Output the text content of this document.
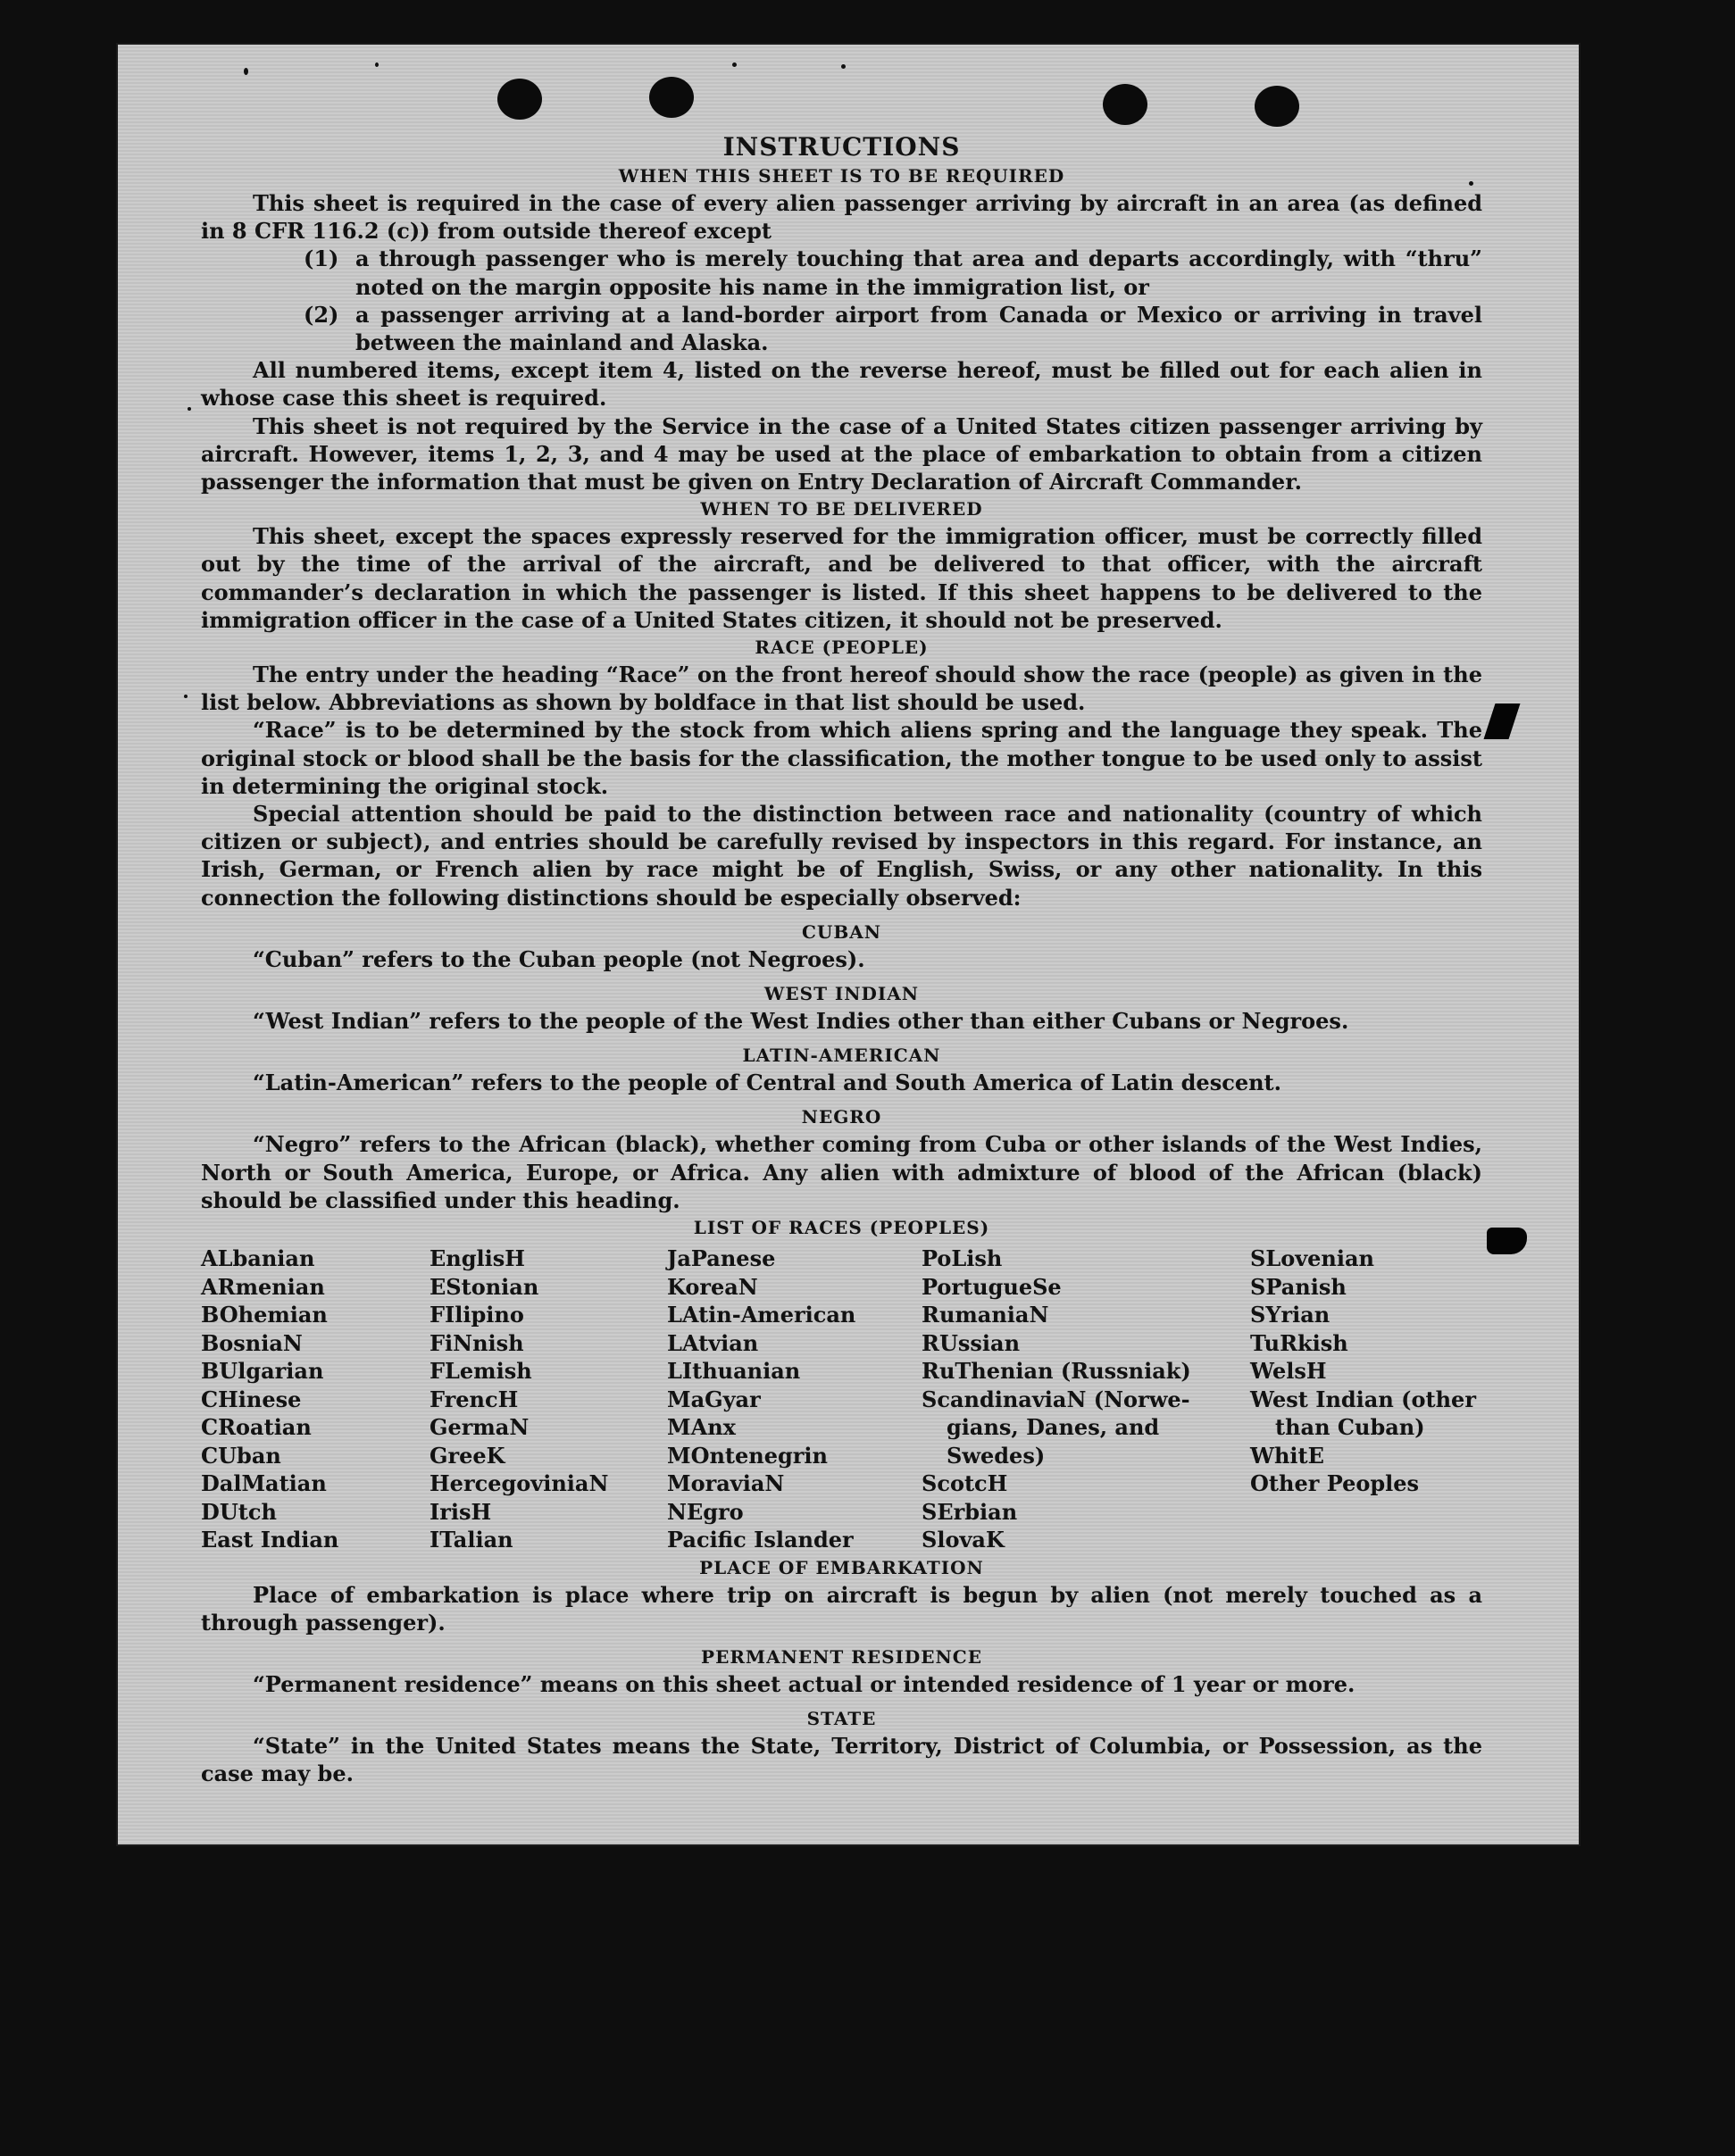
INSTRUCTIONS
WHEN THIS SHEET IS TO BE REQUIRED

This sheet is required in the case of every alien passenger arriving by aircraft in an area (as defined in 8 CFR 116.2 (c)) from outside thereof except

(1) a through passenger who is merely touching that area and departs accordingly, with “thru” noted on the margin opposite his name in the immigration list, or
(2) a passenger arriving at a land-border airport from Canada or Mexico or arriving in travel between the mainland and Alaska.

All numbered items, except item 4, listed on the reverse hereof, must be filled out for each alien in whose case this sheet is required.

This sheet is not required by the Service in the case of a United States citizen passenger arriving by aircraft. However, items 1, 2, 3, and 4 may be used at the place of embarkation to obtain from a citizen passenger the information that must be given on Entry Declaration of Aircraft Commander.

WHEN TO BE DELIVERED

This sheet, except the spaces expressly reserved for the immigration officer, must be correctly filled out by the time of the arrival of the aircraft, and be delivered to that officer, with the aircraft commander’s declaration in which the passenger is listed. If this sheet happens to be delivered to the immigration officer in the case of a United States citizen, it should not be preserved.

RACE (PEOPLE)

The entry under the heading “Race” on the front hereof should show the race (people) as given in the list below. Abbreviations as shown by boldface in that list should be used.

“Race” is to be determined by the stock from which aliens spring and the language they speak. The original stock or blood shall be the basis for the classification, the mother tongue to be used only to assist in determining the original stock.

Special attention should be paid to the distinction between race and nationality (country of which citizen or subject), and entries should be carefully revised by inspectors in this regard. For instance, an Irish, German, or French alien by race might be of English, Swiss, or any other nationality. In this connection the following distinctions should be especially observed:

CUBAN

“Cuban” refers to the Cuban people (not Negroes).

WEST INDIAN

“West Indian” refers to the people of the West Indies other than either Cubans or Negroes.

LATIN-AMERICAN

“Latin-American” refers to the people of Central and South America of Latin descent.

NEGRO

“Negro” refers to the African (black), whether coming from Cuba or other islands of the West Indies, North or South America, Europe, or Africa. Any alien with admixture of blood of the African (black) should be classified under this heading.

LIST OF RACES (PEOPLES)
ALbanian
ARmenian
BOhemian
BosniaN
BUlgarian
CHinese
CRoatian
CUban
DalMatian
DUtch
East Indian
EnglisH
EStonian
FIlipino
FiNnish
FLemish
FrencH
GermaN
GreeK
HercegoviniaN
IrisH
ITalian
JaPanese
KoreaN
LAtin-American
LAtvian
LIthuanian
MaGyar
MAnx
MOntenegrin
MoraviaN
NEgro
Pacific Islander
PoLish
PortugueSe
RumaniaN
RUssian
RuThenian (Russniak)
ScandinaviaN (Norwe-
gians, Danes, and Swedes)
ScotcH
SErbian
SlovaK
SLovenian
SPanish
SYrian
TuRkish
WelsH
West Indian (other
than Cuban)
WhitE
Other Peoples
PLACE OF EMBARKATION

Place of embarkation is place where trip on aircraft is begun by alien (not merely touched as a through passenger).

PERMANENT RESIDENCE

“Permanent residence” means on this sheet actual or intended residence of 1 year or more.

STATE

“State” in the United States means the State, Territory, District of Columbia, or Possession, as the case may be.
